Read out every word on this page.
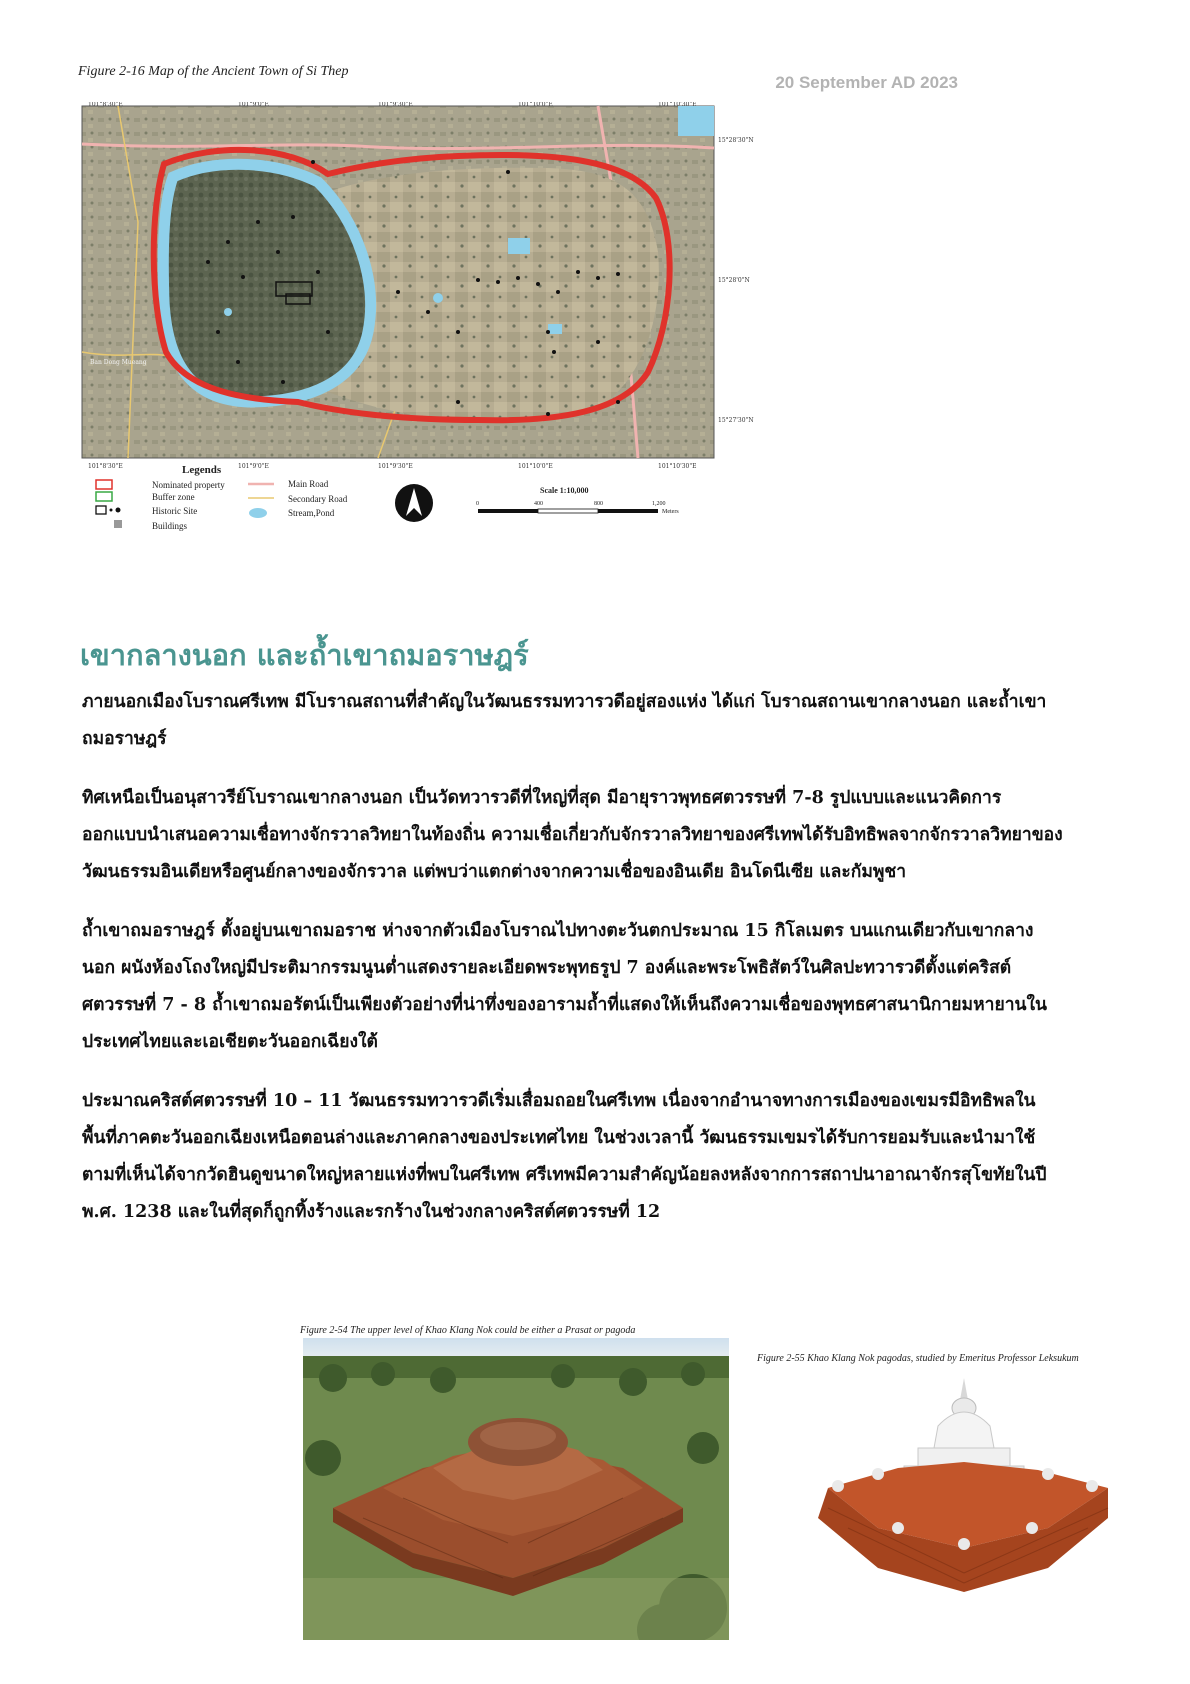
Figure 2-16 Map of the Ancient Town of Si Thep
20 September AD 2023
101°8'30"E	101°9'0"E	101°9'30"E	101°10'0"E	101°10'30"E
101°8'30"E	101°9'0"E	101°9'30"E	101°10'0"E	101°10'30"E
15°28'30"N
15°28'0"N
15°27'30"N
Ban Dong Mueang
Legends
Nominated property
Buffer zone
Historic Site
Buildings
Main Road
Secondary Road
Stream,Pond
Scale 1:10,000
0	400	800	1,200
Meters
เขากลางนอก และถ้ำเขาถมอราษฎร์

ภายนอกเมืองโบราณศรีเทพ มีโบราณสถานที่สำคัญในวัฒนธรรมทวารวดีอยู่สองแห่ง ได้แก่ โบราณสถานเขากลางนอก และถ้ำเขาถมอราษฎร์

ทิศเหนือเป็นอนุสาวรีย์โบราณเขากลางนอก เป็นวัดทวารวดีที่ใหญ่ที่สุด มีอายุราวพุทธศตวรรษที่ 7-8 รูปแบบและแนวคิดการออกแบบนำเสนอความเชื่อทางจักรวาลวิทยาในท้องถิ่น ความเชื่อเกี่ยวกับจักรวาลวิทยาของศรีเทพได้รับอิทธิพลจากจักรวาลวิทยาของวัฒนธรรมอินเดียหรือศูนย์กลางของจักรวาล แต่พบว่าแตกต่างจากความเชื่อของอินเดีย อินโดนีเซีย และกัมพูชา

ถ้ำเขาถมอราษฎร์ ตั้งอยู่บนเขาถมอราช ห่างจากตัวเมืองโบราณไปทางตะวันตกประมาณ 15 กิโลเมตร บนแกนเดียวกับเขากลางนอก ผนังห้องโถงใหญ่มีประติมากรรมนูนต่ำแสดงรายละเอียดพระพุทธรูป 7 องค์และพระโพธิสัตว์ในศิลปะทวารวดีตั้งแต่คริสต์ศตวรรษที่ 7 - 8 ถ้ำเขาถมอรัตน์เป็นเพียงตัวอย่างที่น่าทึ่งของอารามถ้ำที่แสดงให้เห็นถึงความเชื่อของพุทธศาสนานิกายมหายานในประเทศไทยและเอเชียตะวันออกเฉียงใต้

ประมาณคริสต์ศตวรรษที่ 10 – 11 วัฒนธรรมทวารวดีเริ่มเสื่อมถอยในศรีเทพ เนื่องจากอำนาจทางการเมืองของเขมรมีอิทธิพลในพื้นที่ภาคตะวันออกเฉียงเหนือตอนล่างและภาคกลางของประเทศไทย ในช่วงเวลานี้ วัฒนธรรมเขมรได้รับการยอมรับและนำมาใช้ตามที่เห็นได้จากวัดฮินดูขนาดใหญ่หลายแห่งที่พบในศรีเทพ ศรีเทพมีความสำคัญน้อยลงหลังจากการสถาปนาอาณาจักรสุโขทัยในปี พ.ศ. 1238 และในที่สุดก็ถูกทิ้งร้างและรกร้างในช่วงกลางคริสต์ศตวรรษที่ 12

Figure 2-54 The upper level of Khao Klang Nok could be either a Prasat or pagoda
Figure 2-55 Khao Klang Nok pagodas, studied by Emeritus Professor Leksukum
